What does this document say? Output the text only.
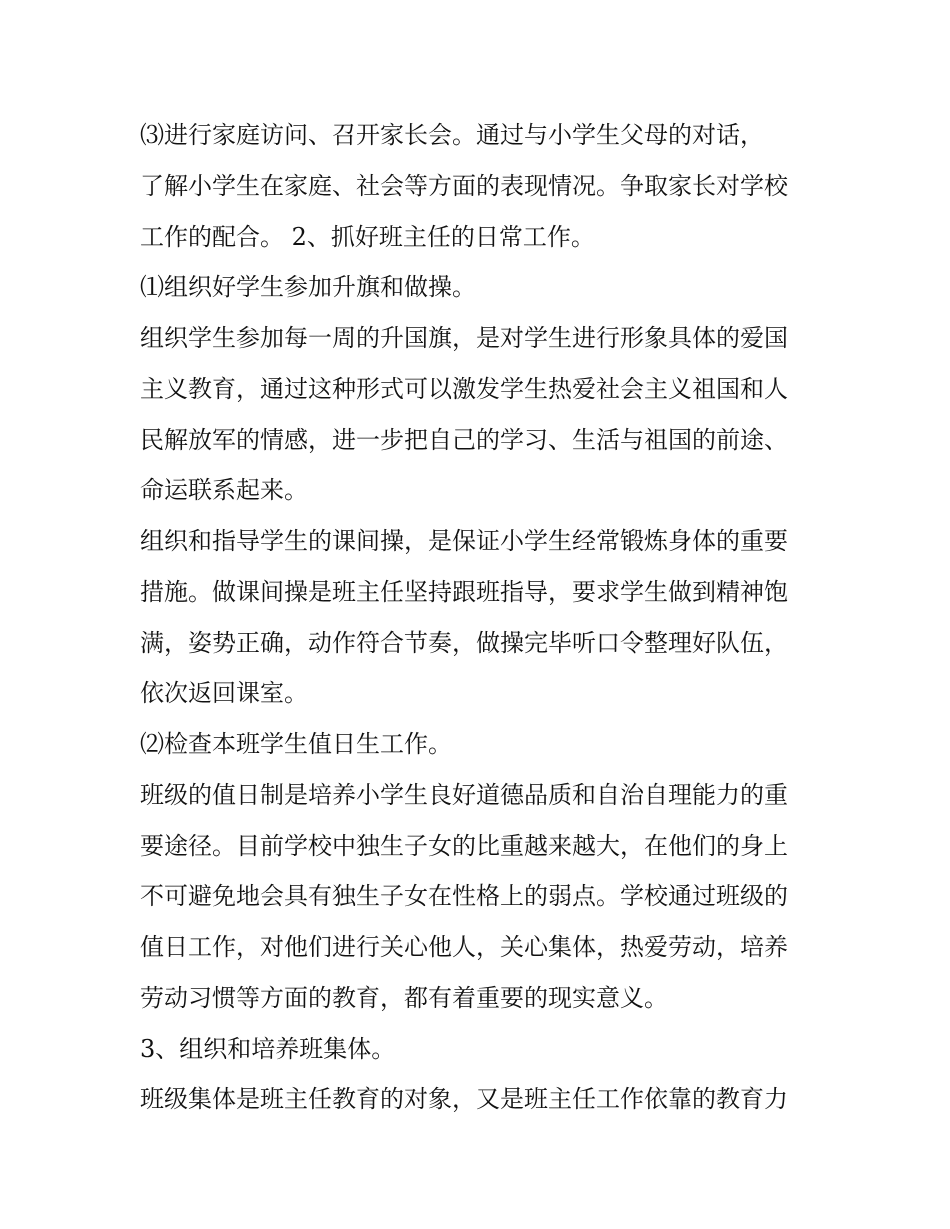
⑶进行家庭访问、召开家长会。通过与小学生父母的对话，
了解小学生在家庭、社会等方面的表现情况。争取家长对学校
工作的配合。 2、抓好班主任的日常工作。
⑴组织好学生参加升旗和做操。
组织学生参加每一周的升国旗，是对学生进行形象具体的爱国
主义教育，通过这种形式可以激发学生热爱社会主义祖国和人
民解放军的情感，进一步把自己的学习、生活与祖国的前途、
命运联系起来。
组织和指导学生的课间操，是保证小学生经常锻炼身体的重要
措施。做课间操是班主任坚持跟班指导，要求学生做到精神饱
满，姿势正确，动作符合节奏，做操完毕听口令整理好队伍，
依次返回课室。
⑵检查本班学生值日生工作。
班级的值日制是培养小学生良好道德品质和自治自理能力的重
要途径。目前学校中独生子女的比重越来越大，在他们的身上
不可避免地会具有独生子女在性格上的弱点。学校通过班级的
值日工作，对他们进行关心他人，关心集体，热爱劳动，培养
劳动习惯等方面的教育，都有着重要的现实意义。
3、组织和培养班集体。
班级集体是班主任教育的对象，又是班主任工作依靠的教育力
